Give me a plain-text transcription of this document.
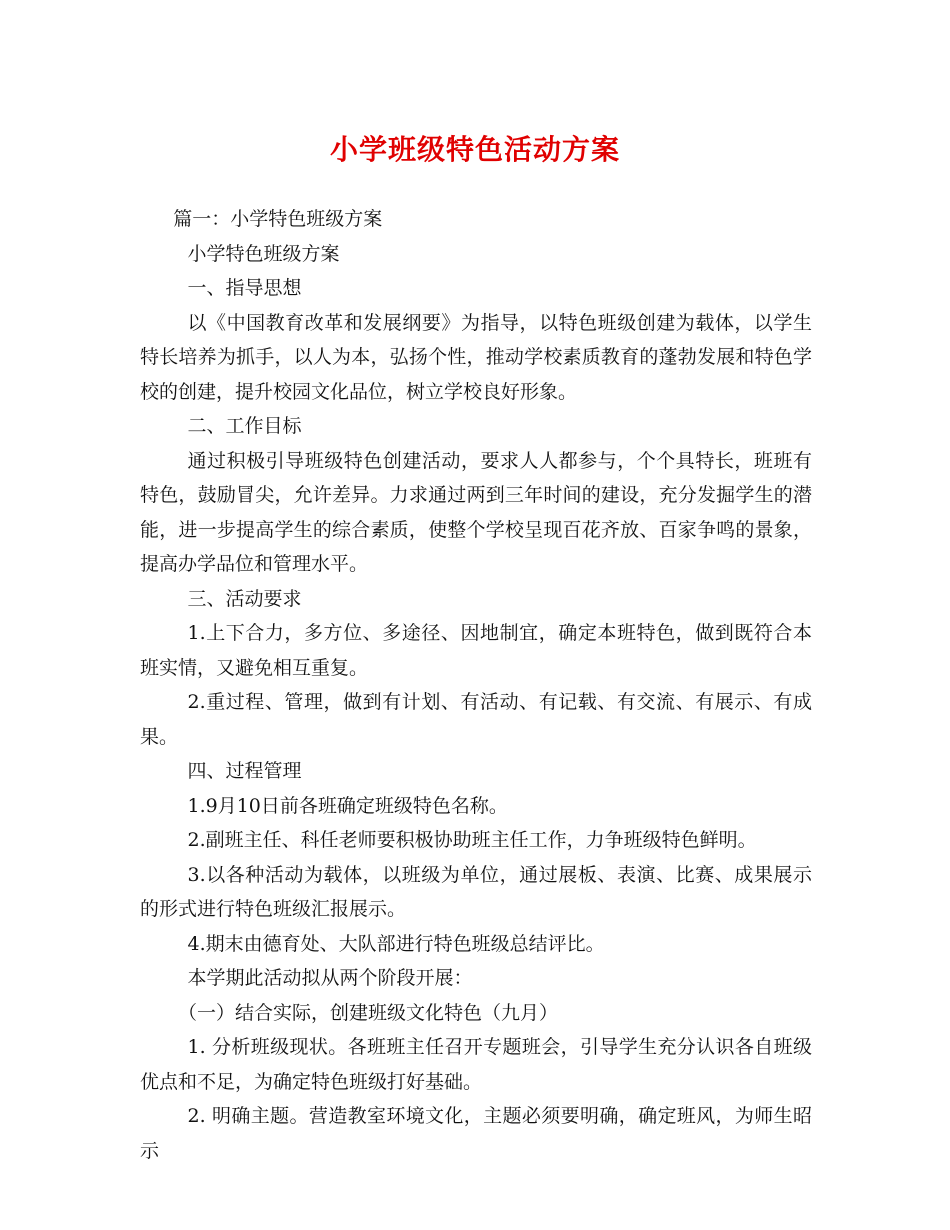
小学班级特色活动方案

篇一：小学特色班级方案

小学特色班级方案

一、指导思想

以《中国教育改革和发展纲要》为指导，以特色班级创建为载体，以学生特长培养为抓手，以人为本，弘扬个性，推动学校素质教育的蓬勃发展和特色学校的创建，提升校园文化品位，树立学校良好形象。

二、工作目标

通过积极引导班级特色创建活动，要求人人都参与，个个具特长，班班有特色，鼓励冒尖，允许差异。力求通过两到三年时间的建设，充分发掘学生的潜能，进一步提高学生的综合素质，使整个学校呈现百花齐放、百家争鸣的景象，提高办学品位和管理水平。

三、活动要求

1.上下合力，多方位、多途径、因地制宜，确定本班特色，做到既符合本班实情，又避免相互重复。

2.重过程、管理，做到有计划、有活动、有记载、有交流、有展示、有成果。

四、过程管理

1.9月10日前各班确定班级特色名称。

2.副班主任、科任老师要积极协助班主任工作，力争班级特色鲜明。

3.以各种活动为载体，以班级为单位，通过展板、表演、比赛、成果展示的形式进行特色班级汇报展示。

4.期末由德育处、大队部进行特色班级总结评比。

本学期此活动拟从两个阶段开展：

（一）结合实际，创建班级文化特色（九月）

1. 分析班级现状。各班班主任召开专题班会，引导学生充分认识各自班级优点和不足，为确定特色班级打好基础。

2. 明确主题。营造教室环境文化，主题必须要明确，确定班风，为师生昭示
